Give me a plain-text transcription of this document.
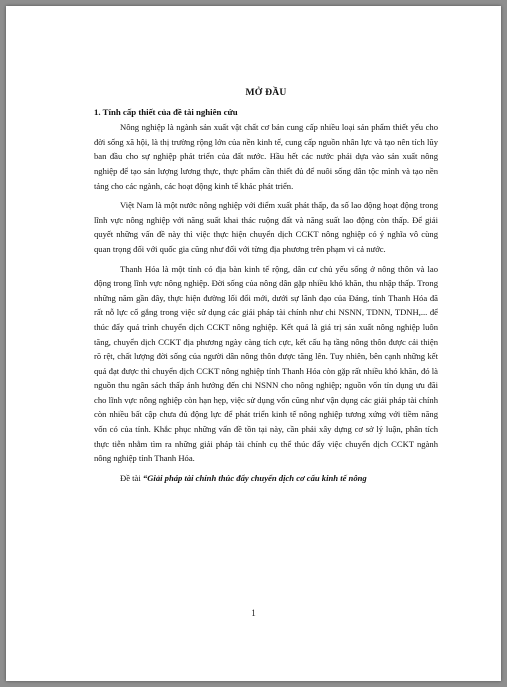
MỞ ĐẦU
1. Tính cấp thiết của đề tài nghiên cứu

Nông nghiệp là ngành sản xuất vật chất cơ bản cung cấp nhiều loại sản phẩm thiết yếu cho đời sống xã hội, là thị trường rộng lớn của nền kinh tế, cung cấp nguồn nhân lực và tạo nên tích lũy ban đầu cho sự nghiệp phát triển của đất nước. Hầu hết các nước phải dựa vào sản xuất nông nghiệp để tạo sản lượng lương thực, thực phẩm cần thiết đủ để nuôi sống dân tộc mình và tạo nền tảng cho các ngành, các hoạt động kinh tế khác phát triển.

Việt Nam là một nước nông nghiệp với điểm xuất phát thấp, đa số lao động hoạt động trong lĩnh vực nông nghiệp với năng suất khai thác ruộng đất và năng suất lao động còn thấp. Để giải quyết những vấn đề này thì việc thực hiện chuyển dịch CCKT nông nghiệp có ý nghĩa vô cùng quan trọng đối với quốc gia cũng như đối với từng địa phương trên phạm vi cả nước.

Thanh Hóa là một tỉnh có địa bàn kinh tế rộng, dân cư chủ yếu sống ở nông thôn và lao động trong lĩnh vực nông nghiệp. Đời sống của nông dân gặp nhiều khó khăn, thu nhập thấp. Trong những năm gần đây, thực hiện đường lối đổi mới, dưới sự lãnh đạo của Đảng, tỉnh Thanh Hóa đã rất nỗ lực cố gắng trong việc sử dụng các giải pháp tài chính như chi NSNN, TDNN, TDNH,... để thúc đẩy quá trình chuyển dịch CCKT nông nghiệp. Kết quả là giá trị sản xuất nông nghiệp luôn tăng, chuyển dịch CCKT địa phương ngày càng tích cực, kết cấu hạ tầng nông thôn được cải thiện rõ rệt, chất lượng đời sống của người dân nông thôn được tăng lên. Tuy nhiên, bên cạnh những kết quả đạt được thì chuyển dịch CCKT nông nghiệp tỉnh Thanh Hóa còn gặp rất nhiều khó khăn, đó là nguồn thu ngân sách thấp ảnh hưởng đến chi NSNN cho nông nghiệp; nguồn vốn tín dụng ưu đãi cho lĩnh vực nông nghiệp còn hạn hẹp, việc sử dụng vốn cũng như vận dụng các giải pháp tài chính còn nhiều bất cập chưa đủ động lực để phát triển kinh tế nông nghiệp tương xứng với tiềm năng vốn có của tỉnh. Khắc phục những vấn đề tồn tại này, cần phải xây dựng cơ sở lý luận, phân tích thực tiễn nhằm tìm ra những giải pháp tài chính cụ thể thúc đẩy việc chuyển dịch CCKT ngành nông nghiệp tỉnh Thanh Hóa.

Đề tài “Giải pháp tài chính thúc đẩy chuyển dịch cơ cấu kinh tế nông

1
